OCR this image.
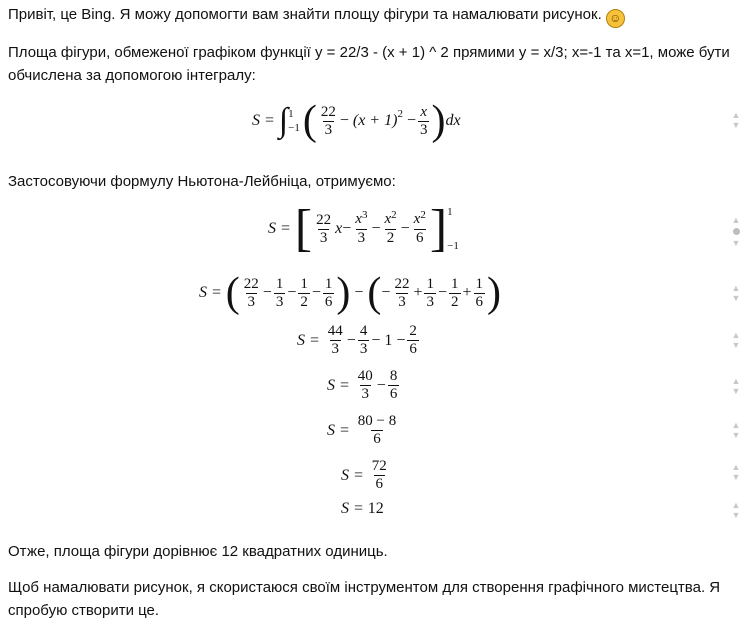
Привіт, це Bing. Я можу допомогти вам знайти площу фігури та намалювати рисунок. ☺

Площа фігури, обмеженої графіком функції y = 22/3 - (x + 1) ^ 2 прямими y = x/3; x=-1 та x=1, може бути обчислена за допомогою інтегралу:

S =
∫ 1
−1 ( $\frac{22}{3}$ −
(x + 1) 2
− $\frac{x}{3}$ ) dx	▲
▼

Застосовуючи формулу Ньютона-Лейбніца, отримуємо:

S =
[ $\frac{22}{3}$ $x - \frac{x^3}{3} - \frac{x^2}{2} - \frac{x^2}{6}$ ] 1
−1
S =
( $\frac{22}{3} - \frac{1}{3} - \frac{1}{2} - \frac{1}{6}$ )
−
( − $\frac{22}{3} + \frac{1}{3} - \frac{1}{2} + \frac{1}{6}$ )
S =
$\frac{44}{3} - \frac{4}{3}$ −
1
− $\frac{2}{6}$
S =
$\frac{40}{3} - \frac{8}{6}$
S =
$\frac{80 - 8}{6}$
S =
$\frac{72}{6}$
S =
12
▲
▼
▲
▼
▲
▼
▲
▼
▲
▼
▲
▼
▲
▼

Отже, площа фігури дорівнює 12 квадратних одиниць.

Щоб намалювати рисунок, я скористаюся своїм інструментом для створення графічного мистецтва. Я спробую створити це.
